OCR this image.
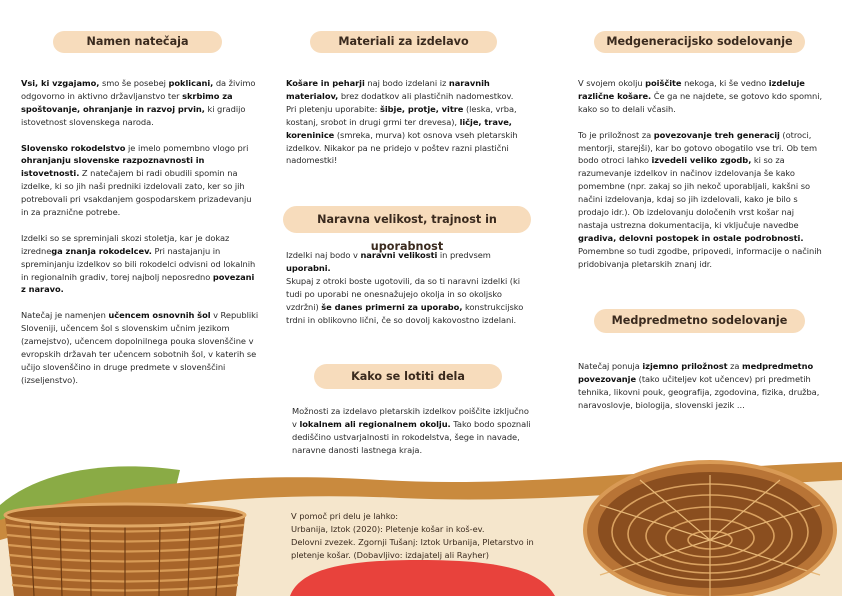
Namen natečaja	Materiali za izdelavo
Naravna velikost, trajnost in uporabnost
Kako se lotiti dela
Medgeneracijsko sodelovanje
Medpredmetno sodelovanje

Vsi, ki vzgajamo, smo še posebej poklicani, da živimo odgovorno in aktivno državljanstvo ter skrbimo za spoštovanje, ohranjanje in razvoj prvin, ki gradijo istovetnost slovenskega naroda.

Slovensko rokodelstvo je imelo pomembno vlogo pri ohranjanju slovenske razpoznavnosti in istovetnosti. Z natečajem bi radi obudili spomin na izdelke, ki so jih naši predniki izdelovali zato, ker so jih potrebovali pri vsakdanjem gospodarskem prizadevanju in za praznične potrebe.

Izdelki so se spreminjali skozi stoletja, kar je dokaz izrednega znanja rokodelcev. Pri nastajanju in spreminjanju izdelkov so bili rokodelci odvisni od lokalnih in regionalnih gradiv, torej najbolj neposredno povezani z naravo.

Natečaj je namenjen učencem osnovnih šol v Republiki Sloveniji, učencem šol s slovenskim učnim jezikom (zamejstvo), učencem dopolnilnega pouka slovenščine v evropskih državah ter učencem sobotnih šol, v katerih se učijo slovenščino in druge predmete v slovenščini (izseljenstvo).

Košare in peharji naj bodo izdelani iz naravnih materialov, brez dodatkov ali plastičnih nadomestkov.
Pri pletenju uporabite: šibje, protje, vitre (leska, vrba, kostanj, srobot in drugi grmi ter drevesa), ličje, trave, koreninice (smreka, murva) kot osnova vseh pletarskih izdelkov. Nikakor pa ne pridejo v poštev razni plastični nadomestki!

Izdelki naj bodo v naravni velikosti in predvsem uporabni.
Skupaj z otroki boste ugotovili, da so ti naravni izdelki (ki tudi po uporabi ne onesnažujejo okolja in so okoljsko vzdržni) še danes primerni za uporabo, konstrukcijsko trdni in oblikovno lični, če so dovolj kakovostno izdelani.

Možnosti za izdelavo pletarskih izdelkov poiščite izključno v lokalnem ali regionalnem okolju. Tako bodo spoznali dediščino ustvarjalnosti in rokodelstva, šege in navade, naravne danosti lastnega kraja.

V svojem okolju poiščite nekoga, ki še vedno izdeluje različne košare. Če ga ne najdete, se gotovo kdo spomni, kako so to delali včasih.

To je priložnost za povezovanje treh generacij (otroci, mentorji, starejši), kar bo gotovo obogatilo vse tri. Ob tem bodo otroci lahko izvedeli veliko zgodb, ki so za razumevanje izdelkov in načinov izdelovanja še kako pomembne (npr. zakaj so jih nekoč uporabljali, kakšni so načini izdelovanja, kdaj so jih izdelovali, kako je bilo s prodajo idr.). Ob izdelovanju določenih vrst košar naj nastaja ustrezna dokumentacija, ki vključuje navedbe gradiva, delovni postopek in ostale podrobnosti. Pomembne so tudi zgodbe, pripovedi, informacije o načinih pridobivanja pletarskih znanj idr.

Natečaj ponuja izjemno priložnost za medpredmetno povezovanje (tako učiteljev kot učencev) pri predmetih tehnika, likovni pouk, geografija, zgodovina, fizika, družba, naravoslovje, biologija, slovenski jezik ...

V pomoč pri delu je lahko:
Urbanija, Iztok (2020): Pletenje košar in koš-ev.
Delovni zvezek. Zgornji Tušanj: Iztok Urbanija, Pletarstvo in pletenje košar. (Dobavljivo: izdajatelj ali Rayher)
